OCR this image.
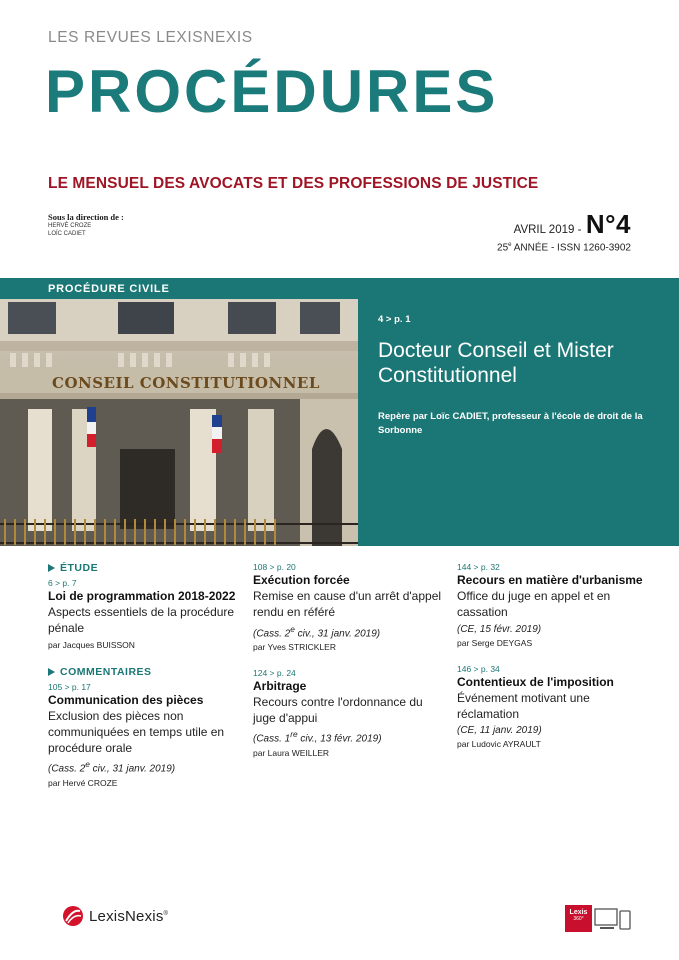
LES REVUES LEXISNEXIS
PROCÉDURES
LE MENSUEL DES AVOCATS ET DES PROFESSIONS DE JUSTICE
Sous la direction de :
HERVÉ CROZE
LOÏC CADIET	AVRIL 2019 - N°4
25e ANNÉE - ISSN 1260-3902
CONSEIL CONSTITUTIONNEL
PROCÉDURE CIVILE
4 > p. 1
Docteur Conseil et Mister Constitutionnel
Repère par Loïc CADIET, professeur à l'école de droit de la Sorbonne
ÉTUDE
6 > p. 7
Loi de programmation 2018-2022
Aspects essentiels de la procédure pénale
par Jacques BUISSON
COMMENTAIRES
105 > p. 17
Communication des pièces
Exclusion des pièces non communiquées en temps utile en procédure orale
(Cass. 2e civ., 31 janv. 2019)
par Hervé CROZE
108 > p. 20
Exécution forcée
Remise en cause d'un arrêt d'appel rendu en référé
(Cass. 2e civ., 31 janv. 2019)
par Yves STRICKLER
124 > p. 24
Arbitrage
Recours contre l'ordonnance du juge d'appui
(Cass. 1re civ., 13 févr. 2019)
par Laura WEILLER
144 > p. 32
Recours en matière d'urbanisme
Office du juge en appel et en cassation
(CE, 15 févr. 2019)
par Serge DEYGAS
146 > p. 34
Contentieux de l'imposition
Événement motivant une réclamation
(CE, 11 janv. 2019)
par Ludovic AYRAULT
LexisNexis®	Lexis
360°
